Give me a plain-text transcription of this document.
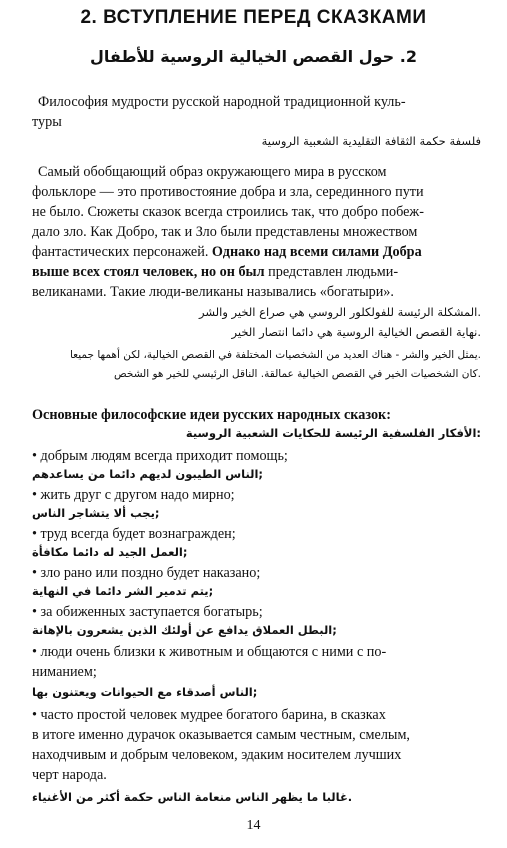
2. ВСТУПЛЕНИЕ ПЕРЕД СКАЗКАМИ
2. حول القصص الخيالية الروسية للأطفال
Философия мудрости русской народной традиционной куль-
туры
فلسفة حكمة الثقافة التقليدية الشعبية الروسية
Самый обобщающий образ окружающего мира в русском
фольклоре — это противостояние добра и зла, серединного пути
не было. Сюжеты сказок всегда строились так, что добро побеж-
дало зло. Как Добро, так и Зло были представлены множеством
фантастических персонажей. Однако над всеми силами Добра
выше всех стоял человек, но он был представлен людьми-
великанами. Такие люди-великаны назывались «богатыри».
.المشكلة الرئيسة للفولكلور الروسي هي صراع الخير والشر
.نهاية القصص الخيالية الروسية هي دائما انتصار الخير
.يمثل الخير والشر - هناك العديد من الشخصيات المختلفة في القصص الخيالية، لكن أهمها جميعا
.كان الشخصيات الخير في القصص الخيالية عمالقة. الناقل الرئيسي للخير هو الشخص
Основные философские идеи русских народных сказок:
:الأفكار الفلسفية الرئيسة للحكايات الشعبية الروسية
• добрым людям всегда приходит помощь;
;الناس الطيبون لديهم دائما من يساعدهم
• жить друг с другом надо мирно;
;يجب ألا يتشاجر الناس
• труд всегда будет вознагражден;
;العمل الجيد له دائما مكافأة
• зло рано или поздно будет наказано;
;يتم تدمير الشر دائما في النهاية
• за обиженных заступается богатырь;
;البطل العملاق يدافع عن أولئك الذين يشعرون بالإهانة
• люди очень близки к животным и общаются с ними с по-
ниманием;
;الناس أصدقاء مع الحيوانات ويعتنون بها
• часто простой человек мудрее богатого барина, в сказках
в итоге именно дурачок оказывается самым честным, смелым,
находчивым и добрым человеком, эдаким носителем лучших
черт народа.
.غالبا ما يظهر الناس منعامة الناس حكمة أكثر من الأغنياء
14
